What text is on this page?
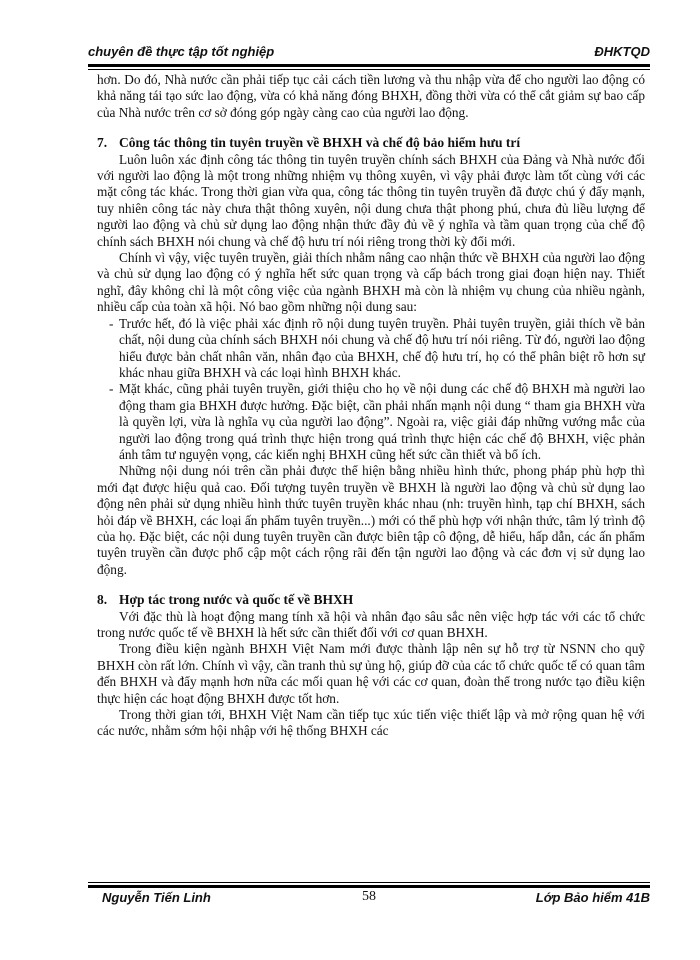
chuyên đề thực tập tốt nghiệp	ĐHKTQD

hơn. Do đó, Nhà nước cần phải tiếp tục cải cách tiền lương và thu nhập vừa để cho người lao động có khả năng tái tạo sức lao động, vừa có khả năng đóng BHXH, đồng thời vừa có thể cắt giảm sự bao cấp của Nhà nước trên cơ sở đóng góp ngày càng cao của người lao động.

7. Công tác thông tin tuyên truyền về BHXH và chế độ bảo hiểm hưu trí

Luôn luôn xác định công tác thông tin tuyên truyền chính sách BHXH của Đảng và Nhà nước đối với người lao động là một trong những nhiệm vụ thông xuyên, vì vậy phải được làm tốt cùng với các mặt công tác khác. Trong thời gian vừa qua, công tác thông tin tuyên truyền đã được chú ý đẩy mạnh, tuy nhiên công tác này chưa thật thông xuyên, nội dung chưa thật phong phú, chưa đủ liều lượng để người lao động và chủ sử dụng lao động nhận thức đầy đủ về ý nghĩa và tầm quan trọng của chế độ chính sách BHXH nói chung và chế độ hưu trí nói riêng trong thời kỳ đổi mới.

Chính vì vậy, việc tuyên truyền, giải thích nhằm nâng cao nhận thức về BHXH của người lao động và chủ sử dụng lao động có ý nghĩa hết sức quan trọng và cấp bách trong giai đoạn hiện nay. Thiết nghĩ, đây không chỉ là một công việc của ngành BHXH mà còn là nhiệm vụ chung của nhiều ngành, nhiều cấp của toàn xã hội. Nó bao gồm những nội dung sau:

- Trước hết, đó là việc phải xác định rõ nội dung tuyên truyền. Phải tuyên truyền, giải thích về bản chất, nội dung của chính sách BHXH nói chung và chế độ hưu trí nói riêng. Từ đó, người lao động hiểu được bản chất nhân văn, nhân đạo của BHXH, chế độ hưu trí, họ có thể phân biệt rõ hơn sự khác nhau giữa BHXH và các loại hình BHXH khác.

- Mặt khác, cũng phải tuyên truyền, giới thiệu cho họ về nội dung các chế độ BHXH mà người lao động tham gia BHXH được hưởng. Đặc biệt, cần phải nhấn mạnh nội dung “ tham gia BHXH vừa là quyền lợi, vừa là nghĩa vụ của người lao động”. Ngoài ra, việc giải đáp những vướng mắc của người lao động trong quá trình thực hiện trong quá trình thực hiện các chế độ BHXH, việc phản ánh tâm tư nguyện vọng, các kiến nghị BHXH cũng hết sức cần thiết và bổ ích.

Những nội dung nói trên cần phải được thể hiện bằng nhiều hình thức, phong pháp phù hợp thì mới đạt được hiệu quả cao. Đối tượng tuyên truyền về BHXH là người lao động và chủ sử dụng lao động nên phải sử dụng nhiều hình thức tuyên truyền khác nhau (nh: truyền hình, tạp chí BHXH, sách hỏi đáp về BHXH, các loại ấn phẩm tuyên truyền...) mới có thể phù hợp với nhận thức, tâm lý trình độ của họ. Đặc biệt, các nội dung tuyên truyền cần được biên tập cô động, dễ hiểu, hấp dẫn, các ấn phẩm tuyên truyền cần được phổ cập một cách rộng rãi đến tận người lao động và các đơn vị sử dụng lao động.

8. Hợp tác trong nước và quốc tế về BHXH

Với đặc thù là hoạt động mang tính xã hội và nhân đạo sâu sắc nên việc hợp tác với các tổ chức trong nước quốc tế về BHXH là hết sức cần thiết đối với cơ quan BHXH.

Trong điều kiện ngành BHXH Việt Nam mới được thành lập nên sự hỗ trợ từ NSNN cho quỹ BHXH còn rất lớn. Chính vì vậy, cần tranh thủ sự ủng hộ, giúp đỡ của các tổ chức quốc tế có quan tâm đến BHXH và đẩy mạnh hơn nữa các mối quan hệ với các cơ quan, đoàn thể trong nước tạo điều kiện thực hiện các hoạt động BHXH được tốt hơn.

Trong thời gian tới, BHXH Việt Nam cần tiếp tục xúc tiến việc thiết lập và mở rộng quan hệ với các nước, nhằm sớm hội nhập với hệ thống BHXH các

Nguyễn Tiến Linh	58	Lớp Bảo hiểm 41B
